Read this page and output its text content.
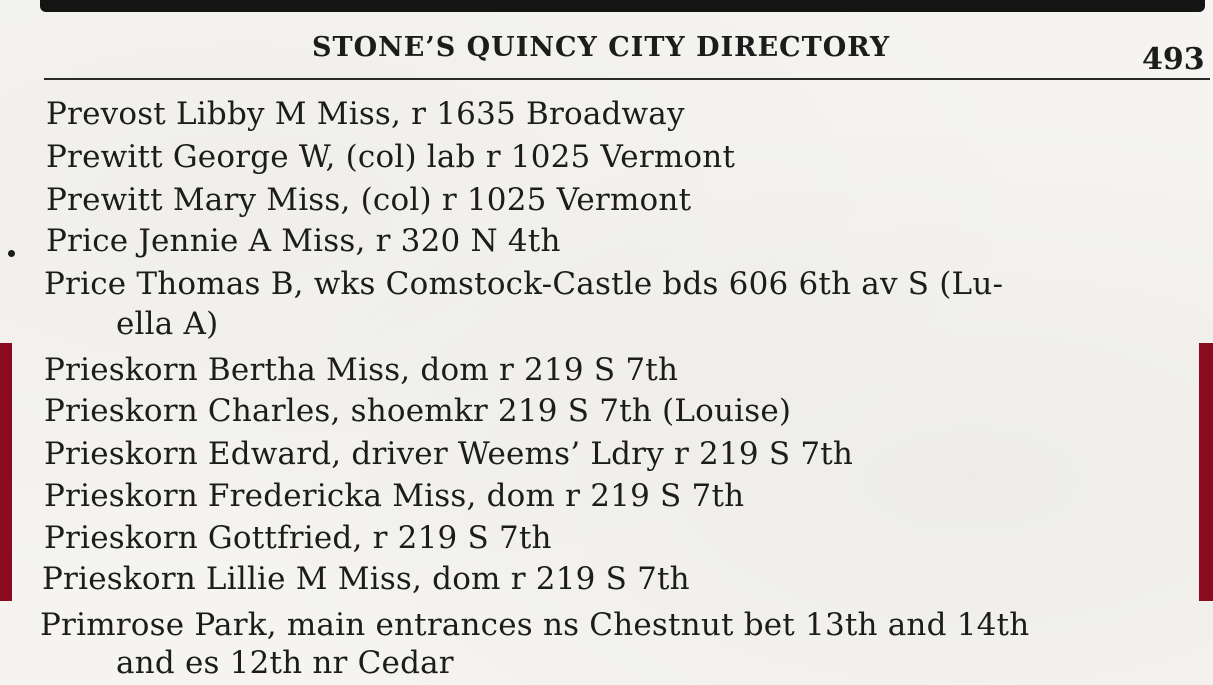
STONE’S QUINCY CITY DIRECTORY	493
Prevost Libby M Miss, r 1635 Broadway
Prewitt George W, (col) lab r 1025 Vermont
Prewitt Mary Miss, (col) r 1025 Vermont
Price Jennie A Miss, r 320 N 4th
Price Thomas B, wks Comstock-Castle bds 606 6th av S (Lu-
ella A)
Prieskorn Bertha Miss, dom r 219 S 7th
Prieskorn Charles, shoemkr 219 S 7th (Louise)
Prieskorn Edward, driver Weems’ Ldry r 219 S 7th
Prieskorn Fredericka Miss, dom r 219 S 7th
Prieskorn Gottfried, r 219 S 7th
Prieskorn Lillie M Miss, dom r 219 S 7th
Primrose Park, main entrances ns Chestnut bet 13th and 14th
and es 12th nr Cedar
